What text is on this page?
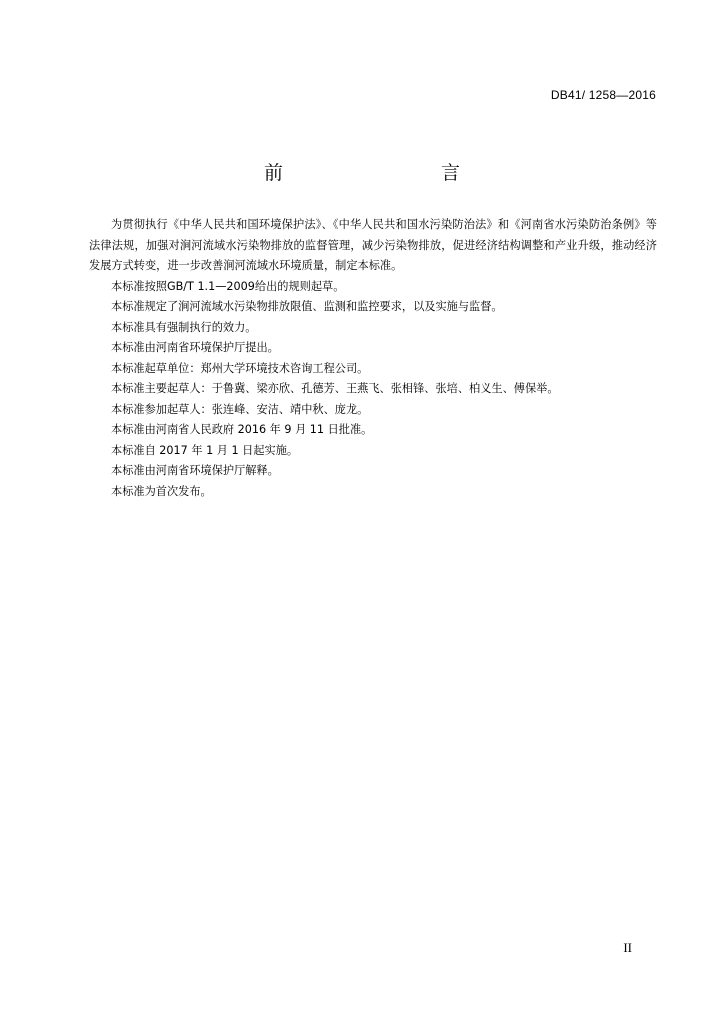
DB41/ 1258—2016
前　　言

为贯彻执行《中华人民共和国环境保护法》、《中华人民共和国水污染防治法》和《河南省水污染防治条例》等法律法规，加强对涧河流域水污染物排放的监督管理，减少污染物排放，促进经济结构调整和产业升级，推动经济发展方式转变，进一步改善涧河流域水环境质量，制定本标准。

本标准按照GB/T 1.1—2009给出的规则起草。

本标准规定了涧河流域水污染物排放限值、监测和监控要求，以及实施与监督。

本标准具有强制执行的效力。

本标准由河南省环境保护厅提出。

本标准起草单位：郑州大学环境技术咨询工程公司。

本标准主要起草人：于鲁冀、梁亦欣、孔德芳、王燕飞、张相锋、张培、柏义生、傅保举。

本标准参加起草人：张连峰、安洁、靖中秋、庞龙。

本标准由河南省人民政府 2016 年 9 月 11 日批准。

本标准自 2017 年 1 月 1 日起实施。

本标准由河南省环境保护厅解释。

本标准为首次发布。

II
